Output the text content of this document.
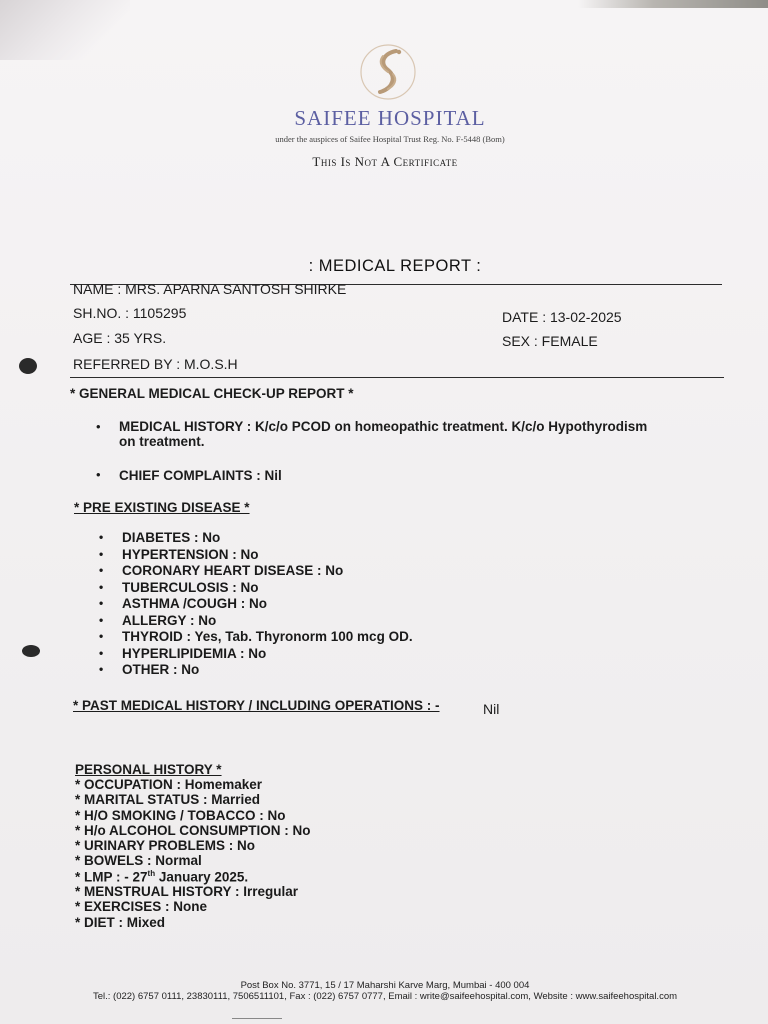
SAIFEE HOSPITAL
under the auspices of Saifee Hospital Trust Reg. No. F-5448 (Bom)
This Is Not A Certificate
: MEDICAL REPORT :
NAME : MRS. APARNA SANTOSH SHIRKE
SH.NO. : 1105295	DATE : 13-02-2025
AGE : 35 YRS.	SEX : FEMALE
REFERRED BY : M.O.S.H
* GENERAL MEDICAL CHECK-UP REPORT *
• MEDICAL HISTORY : K/c/o PCOD on homeopathic treatment. K/c/o Hypothyrodism
on treatment.
• CHIEF COMPLAINTS : Nil
* PRE EXISTING DISEASE *
• DIABETES : No
• HYPERTENSION : No
• CORONARY HEART DISEASE : No
• TUBERCULOSIS : No
• ASTHMA /COUGH : No
• ALLERGY : No
• THYROID : Yes, Tab. Thyronorm 100 mcg OD.
• HYPERLIPIDEMIA : No
• OTHER : No
* PAST MEDICAL HISTORY / INCLUDING OPERATIONS : -	Nil
PERSONAL HISTORY *
* OCCUPATION : Homemaker
* MARITAL STATUS : Married
* H/O SMOKING / TOBACCO : No
* H/o ALCOHOL CONSUMPTION : No
* URINARY PROBLEMS : No
* BOWELS : Normal
* LMP : - 27th January 2025.
* MENSTRUAL HISTORY : Irregular
* EXERCISES : None
* DIET : Mixed
Post Box No. 3771, 15 / 17 Maharshi Karve Marg, Mumbai - 400 004
Tel.: (022) 6757 0111, 23830111, 7506511101, Fax : (022) 6757 0777, Email : write@saifeehospital.com, Website : www.saifeehospital.com
